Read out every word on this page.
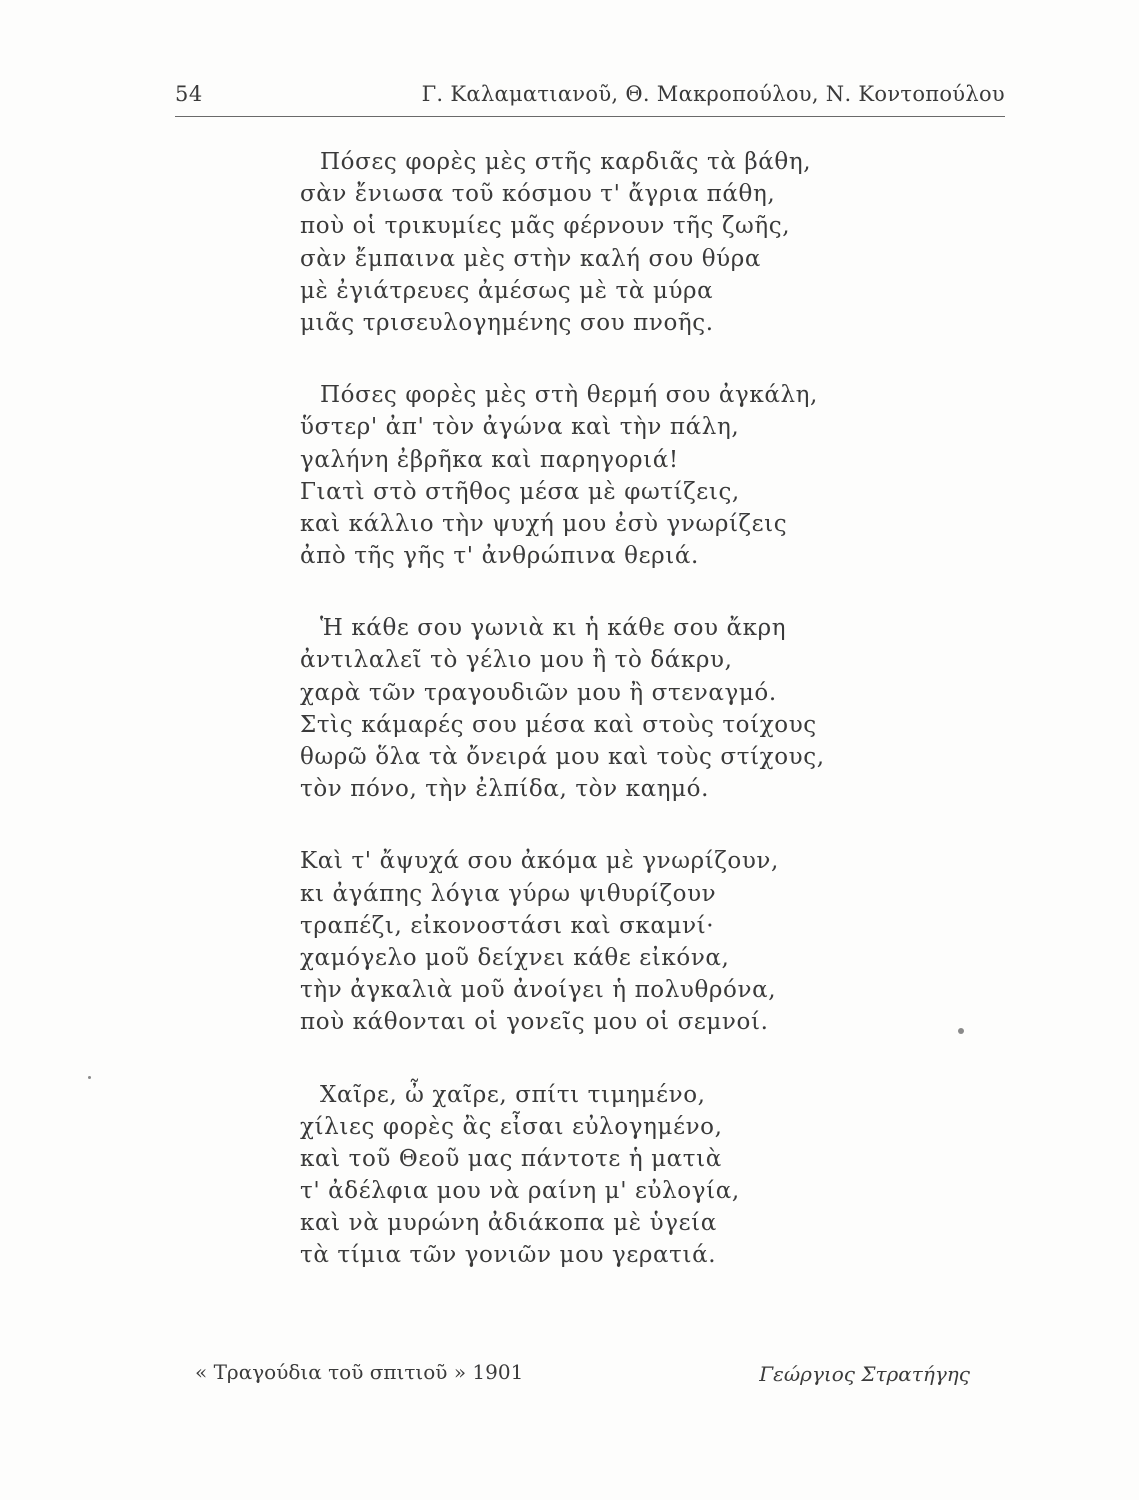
54	Γ. Καλαματιανοῦ, Θ. Μακροπούλου, Ν. Κοντοπούλου
Πόσες φορὲς μὲς στῆς καρδιᾶς τὰ βάθη,
σὰν ἔνιωσα τοῦ κόσμου τ' ἄγρια πάθη,
ποὺ οἱ τρικυμίες μᾶς φέρνουν τῆς ζωῆς,
σὰν ἔμπαινα μὲς στὴν καλή σου θύρα
μὲ ἐγιάτρευες ἀμέσως μὲ τὰ μύρα
μιᾶς τρισευλογημένης σου πνοῆς.
Πόσες φορὲς μὲς στὴ θερμή σου ἀγκάλη,
ὕστερ' ἀπ' τὸν ἀγώνα καὶ τὴν πάλη,
γαλήνη ἐβρῆκα καὶ παρηγοριά!
Γιατὶ στὸ στῆθος μέσα μὲ φωτίζεις,
καὶ κάλλιο τὴν ψυχή μου ἐσὺ γνωρίζεις
ἀπὸ τῆς γῆς τ' ἀνθρώπινα θεριά.
Ἡ κάθε σου γωνιὰ κι ἡ κάθε σου ἄκρη
ἀντιλαλεῖ τὸ γέλιο μου ἢ τὸ δάκρυ,
χαρὰ τῶν τραγουδιῶν μου ἢ στεναγμό.
Στὶς κάμαρές σου μέσα καὶ στοὺς τοίχους
θωρῶ ὅλα τὰ ὄνειρά μου καὶ τοὺς στίχους,
τὸν πόνο, τὴν ἐλπίδα, τὸν καημό.
Καὶ τ' ἄψυχά σου ἀκόμα μὲ γνωρίζουν,
κι ἀγάπης λόγια γύρω ψιθυρίζουν
τραπέζι, εἰκονοστάσι καὶ σκαμνί·
χαμόγελο μοῦ δείχνει κάθε εἰκόνα,
τὴν ἀγκαλιὰ μοῦ ἀνοίγει ἡ πολυθρόνα,
ποὺ κάθονται οἱ γονεῖς μου οἱ σεμνοί.
Χαῖρε, ὦ χαῖρε, σπίτι τιμημένο,
χίλιες φορὲς ἂς εἶσαι εὐλογημένο,
καὶ τοῦ Θεοῦ μας πάντοτε ἡ ματιὰ
τ' ἀδέλφια μου νὰ ραίνη μ' εὐλογία,
καὶ νὰ μυρώνη ἀδιάκοπα μὲ ὑγεία
τὰ τίμια τῶν γονιῶν μου γερατιά.
« Τραγούδια τοῦ σπιτιοῦ » 1901	Γεώργιος Στρατήγης
